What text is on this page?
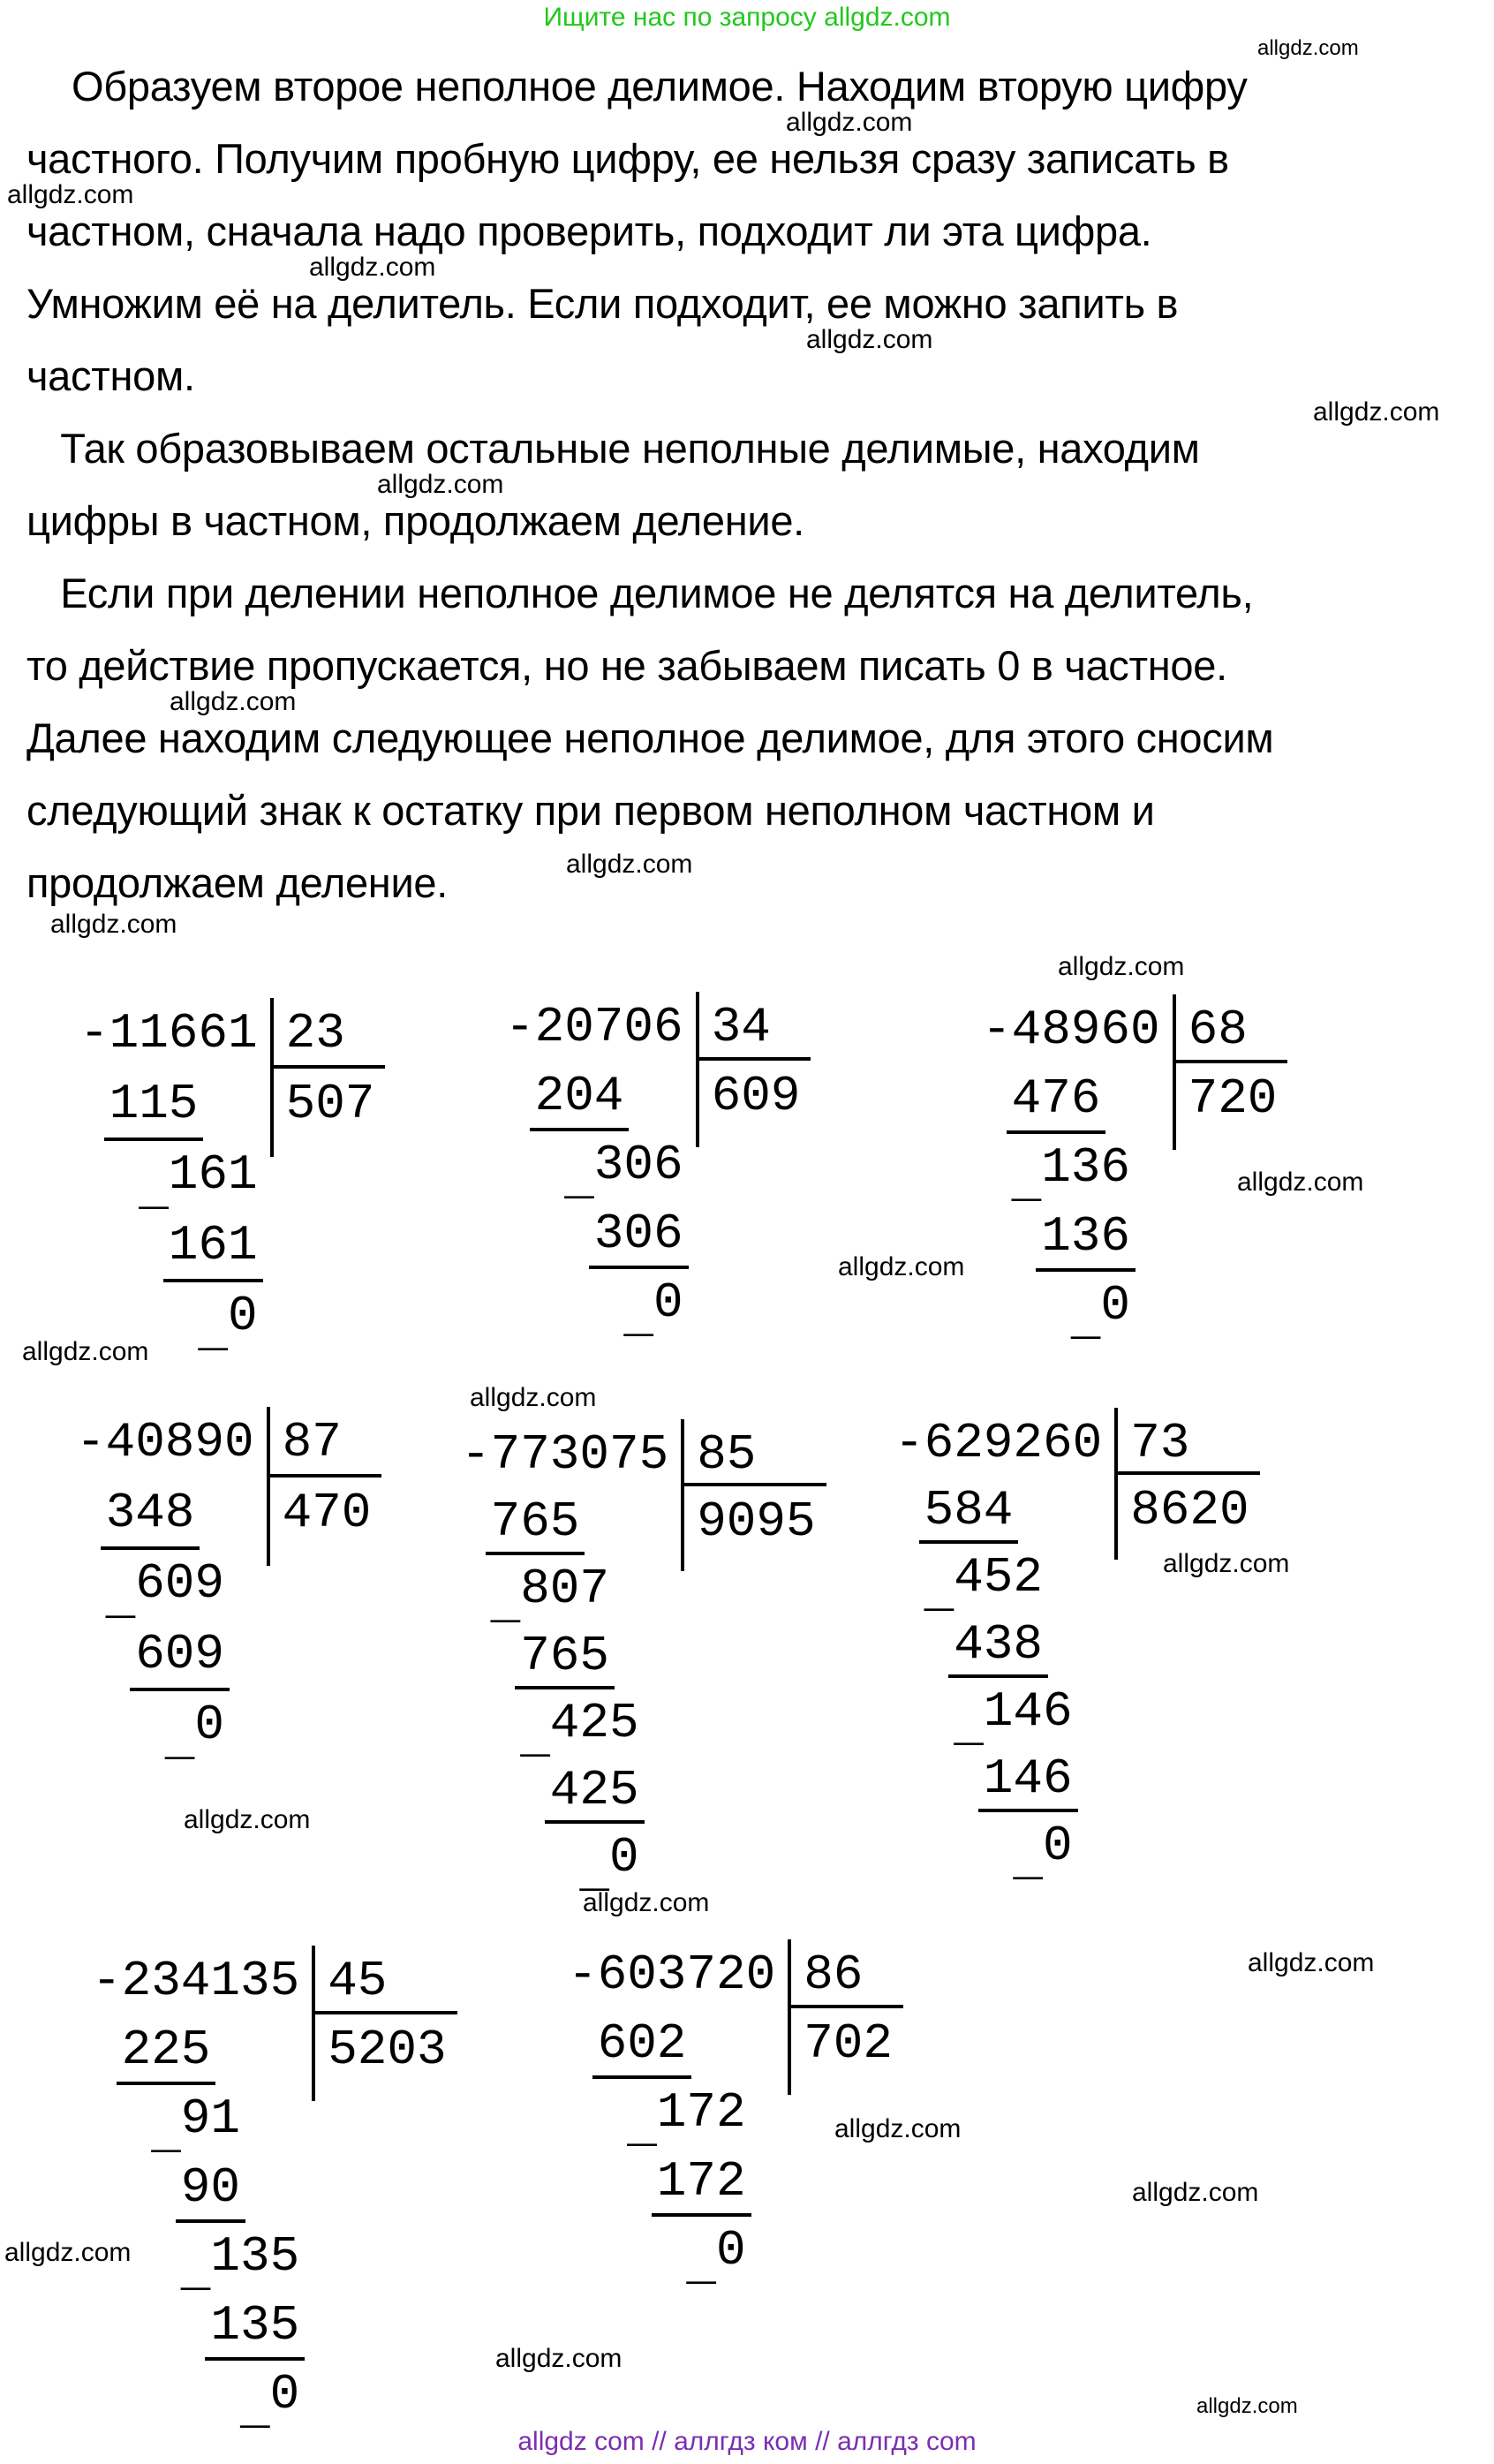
Ищите нас по запросу allgdz.com
Образуем второе неполное делимое. Находим вторую цифру
частного. Получим пробную цифру, ее нельзя сразу записать в
частном, сначала надо проверить, подходит ли эта цифра.
Умножим её на делитель. Если подходит, ее можно запить в
частном.
Так образовываем остальные неполные делимые, находим
цифры в частном, продолжаем деление.
Если при делении неполное делимое не делятся на делитель,
то действие пропускается, но не забываем писать 0 в частное.
Далее находим следующее неполное делимое, для этого сносим
следующий знак к остатку при первом неполном частном и
продолжаем деление.
- 11661 23
507
115
161
_
161
0
_
- 20706 34
609
204
306
_
306
0
_
- 48960 68
720
476
136
_
136
0
_
- 40890 87
470
348
609
_
609
0
_
- 773075 85
9095
765
807
_
765
425
_
425
0
_
- 629260 73
8620
584
452
_
438
146
_
146
0
_
- 234135 45
5203
225
91
_
90
135
_
135
0
_
- 603720 86
702
602
172
_
172
0
_
allgdz.com
allgdz.com
allgdz.com
allgdz.com
allgdz.com
allgdz.com
allgdz.com
allgdz.com
allgdz.com
allgdz.com
allgdz.com
allgdz.com
allgdz.com
allgdz.com
allgdz.com
allgdz.com
allgdz.com
allgdz.com
allgdz.com
allgdz.com
allgdz.com
allgdz.com
allgdz.com
allgdz.com
allgdz com // аллгдз ком // аллгдз com
